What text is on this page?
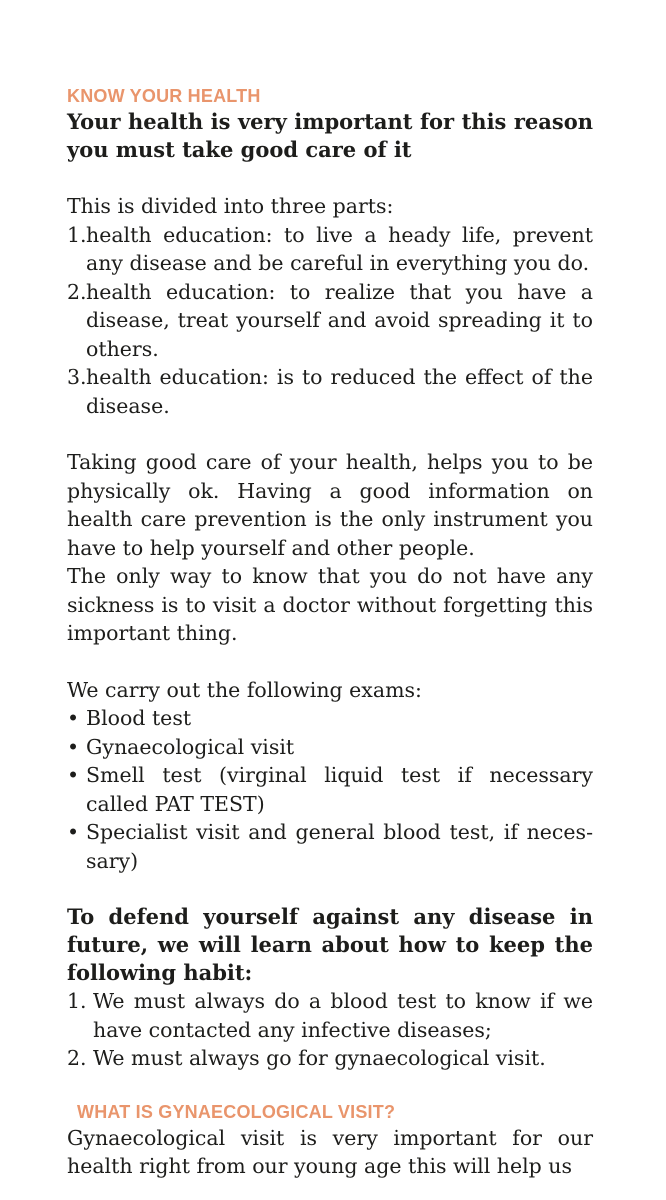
KNOW YOUR HEALTH

Your health is very important for this reason you must take good care of it

This is divided into three parts:

1. health education: to live a heady life, prevent any disease and be careful in everything you do.
2. health education: to realize that you have a disease, treat yourself and avoid spreading it to others.
3. health education: is to reduced the effect of the disease.

Taking good care of your health, helps you to be physically ok. Having a good information on health care prevention is the only instrument you have to help yourself and other people.

The only way to know that you do not have any sickness is to visit a doctor without forgetting this important thing.

We carry out the following exams:

• Blood test
• Gynaecological visit
• Smell test (virginal liquid test if necessary called PAT TEST)
• Specialist visit and general blood test, if neces-sary)

To defend yourself against any disease in future, we will learn about how to keep the following habit:

1. We must always do a blood test to know if we have contacted any infective diseases;
2. We must always go for gynaecological visit.
WHAT IS GYNAECOLOGICAL VISIT?

Gynaecological visit is very important for our health right from our young age this will help us
